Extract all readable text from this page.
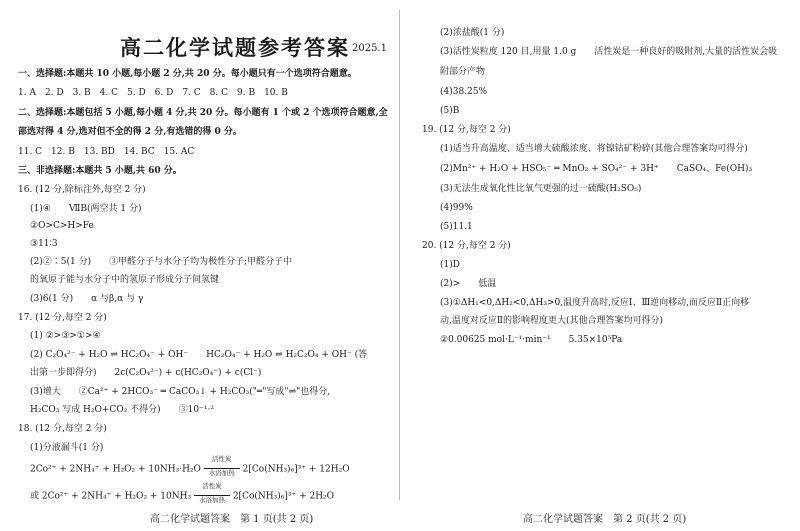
高二化学试题参考答案 2025.1
一、选择题:本题共 10 小题,每小题 2 分,共 20 分。每小题只有一个选项符合题意。
1. A　2. D　3. B　4. C　5. D　6. D　7. C　8. C　9. B　10. B
二、选择题:本题包括 5 小题,每小题 4 分,共 20 分。每小题有 1 个或 2 个选项符合题意,全
部选对得 4 分,选对但不全的得 2 分,有选错的得 0 分。
11. C　12. B　13. BD　14. BC　15. AC
三、非选择题:本题共 5 小题,共 60 分。
16. (12 分,除标注外,每空 2 分)
(1)④　　ⅦB(两空共 1 分)
②O>C>H>Fe
③11∶3
(2)②∶5(1 分)　　③甲醛分子与水分子均为极性分子;甲醛分子中
的氧原子能与水分子中的氢原子形成分子间氢键
(3)6(1 分)　　α 与β,α 与 γ
17. (12 分,每空 2 分)
(1) ②>③>①>④
(2) C₂O₄²⁻ + H₂O ⇌ HC₂O₄⁻ + OH⁻　　HC₂O₄⁻ + H₂O ⇌ H₂C₂O₄ + OH⁻ (答
出第一步即得分)　　2c(C₂O₄²⁻) + c(HC₂O₄⁻) + c(Cl⁻)
(3)增大　　②Ca²⁺ + 2HCO₃⁻ ═ CaCO₃↓ + H₂CO₃("═"写成"⇌"也得分,
H₂CO₃ 写成 H₂O+CO₂ 不得分)　　③10⁻¹·²
18. (12 分,每空 2 分)
(1)分液漏斗(1 分)
2Co²⁺ + 2NH₄⁺ + H₂O₂ + 10NH₃·H₂O
活性炭
水浴加热 2[Co(NH₃)₆]³⁺ + 12H₂O
或 2Co²⁺ + 2NH₄⁺ + H₂O₂ + 10NH₃
活性炭
水浴加热 2[Co(NH₃)₆]³⁺ + 2H₂O
高二化学试题答案　第 1 页(共 2 页)
(2)浓盐酸(1 分)
(3)活性炭粒度 120 目,用量 1.0 g　　活性炭是一种良好的吸附剂,大量的活性炭会吸
附部分产物
(4)38.25%
(5)B
19. (12 分,每空 2 分)
(1)适当升高温度、适当增大硫酸浓度、将镍钴矿粉碎(其他合理答案均可得分)
(2)Mn²⁺ + H₂O + HSO₅⁻ ═ MnO₂ + SO₄²⁻ + 3H⁺　　CaSO₄、Fe(OH)₃
(3)无法生成氧化性比氧气更强的过一硫酸(H₂SO₅)
(4)99%
(5)11.1
20. (12 分,每空 2 分)
(1)D
(2)>　　低温
(3)①ΔH₁<0,ΔH₂<0,ΔH₃>0,温度升高时,反应Ⅰ、Ⅲ逆向移动,而反应Ⅱ正向移
动,温度对反应Ⅱ的影响程度更大(其他合理答案均可得分)
②0.00625 mol·L⁻¹·min⁻¹　　5.35×10⁵Pa
高二化学试题答案　第 2 页(共 2 页)
